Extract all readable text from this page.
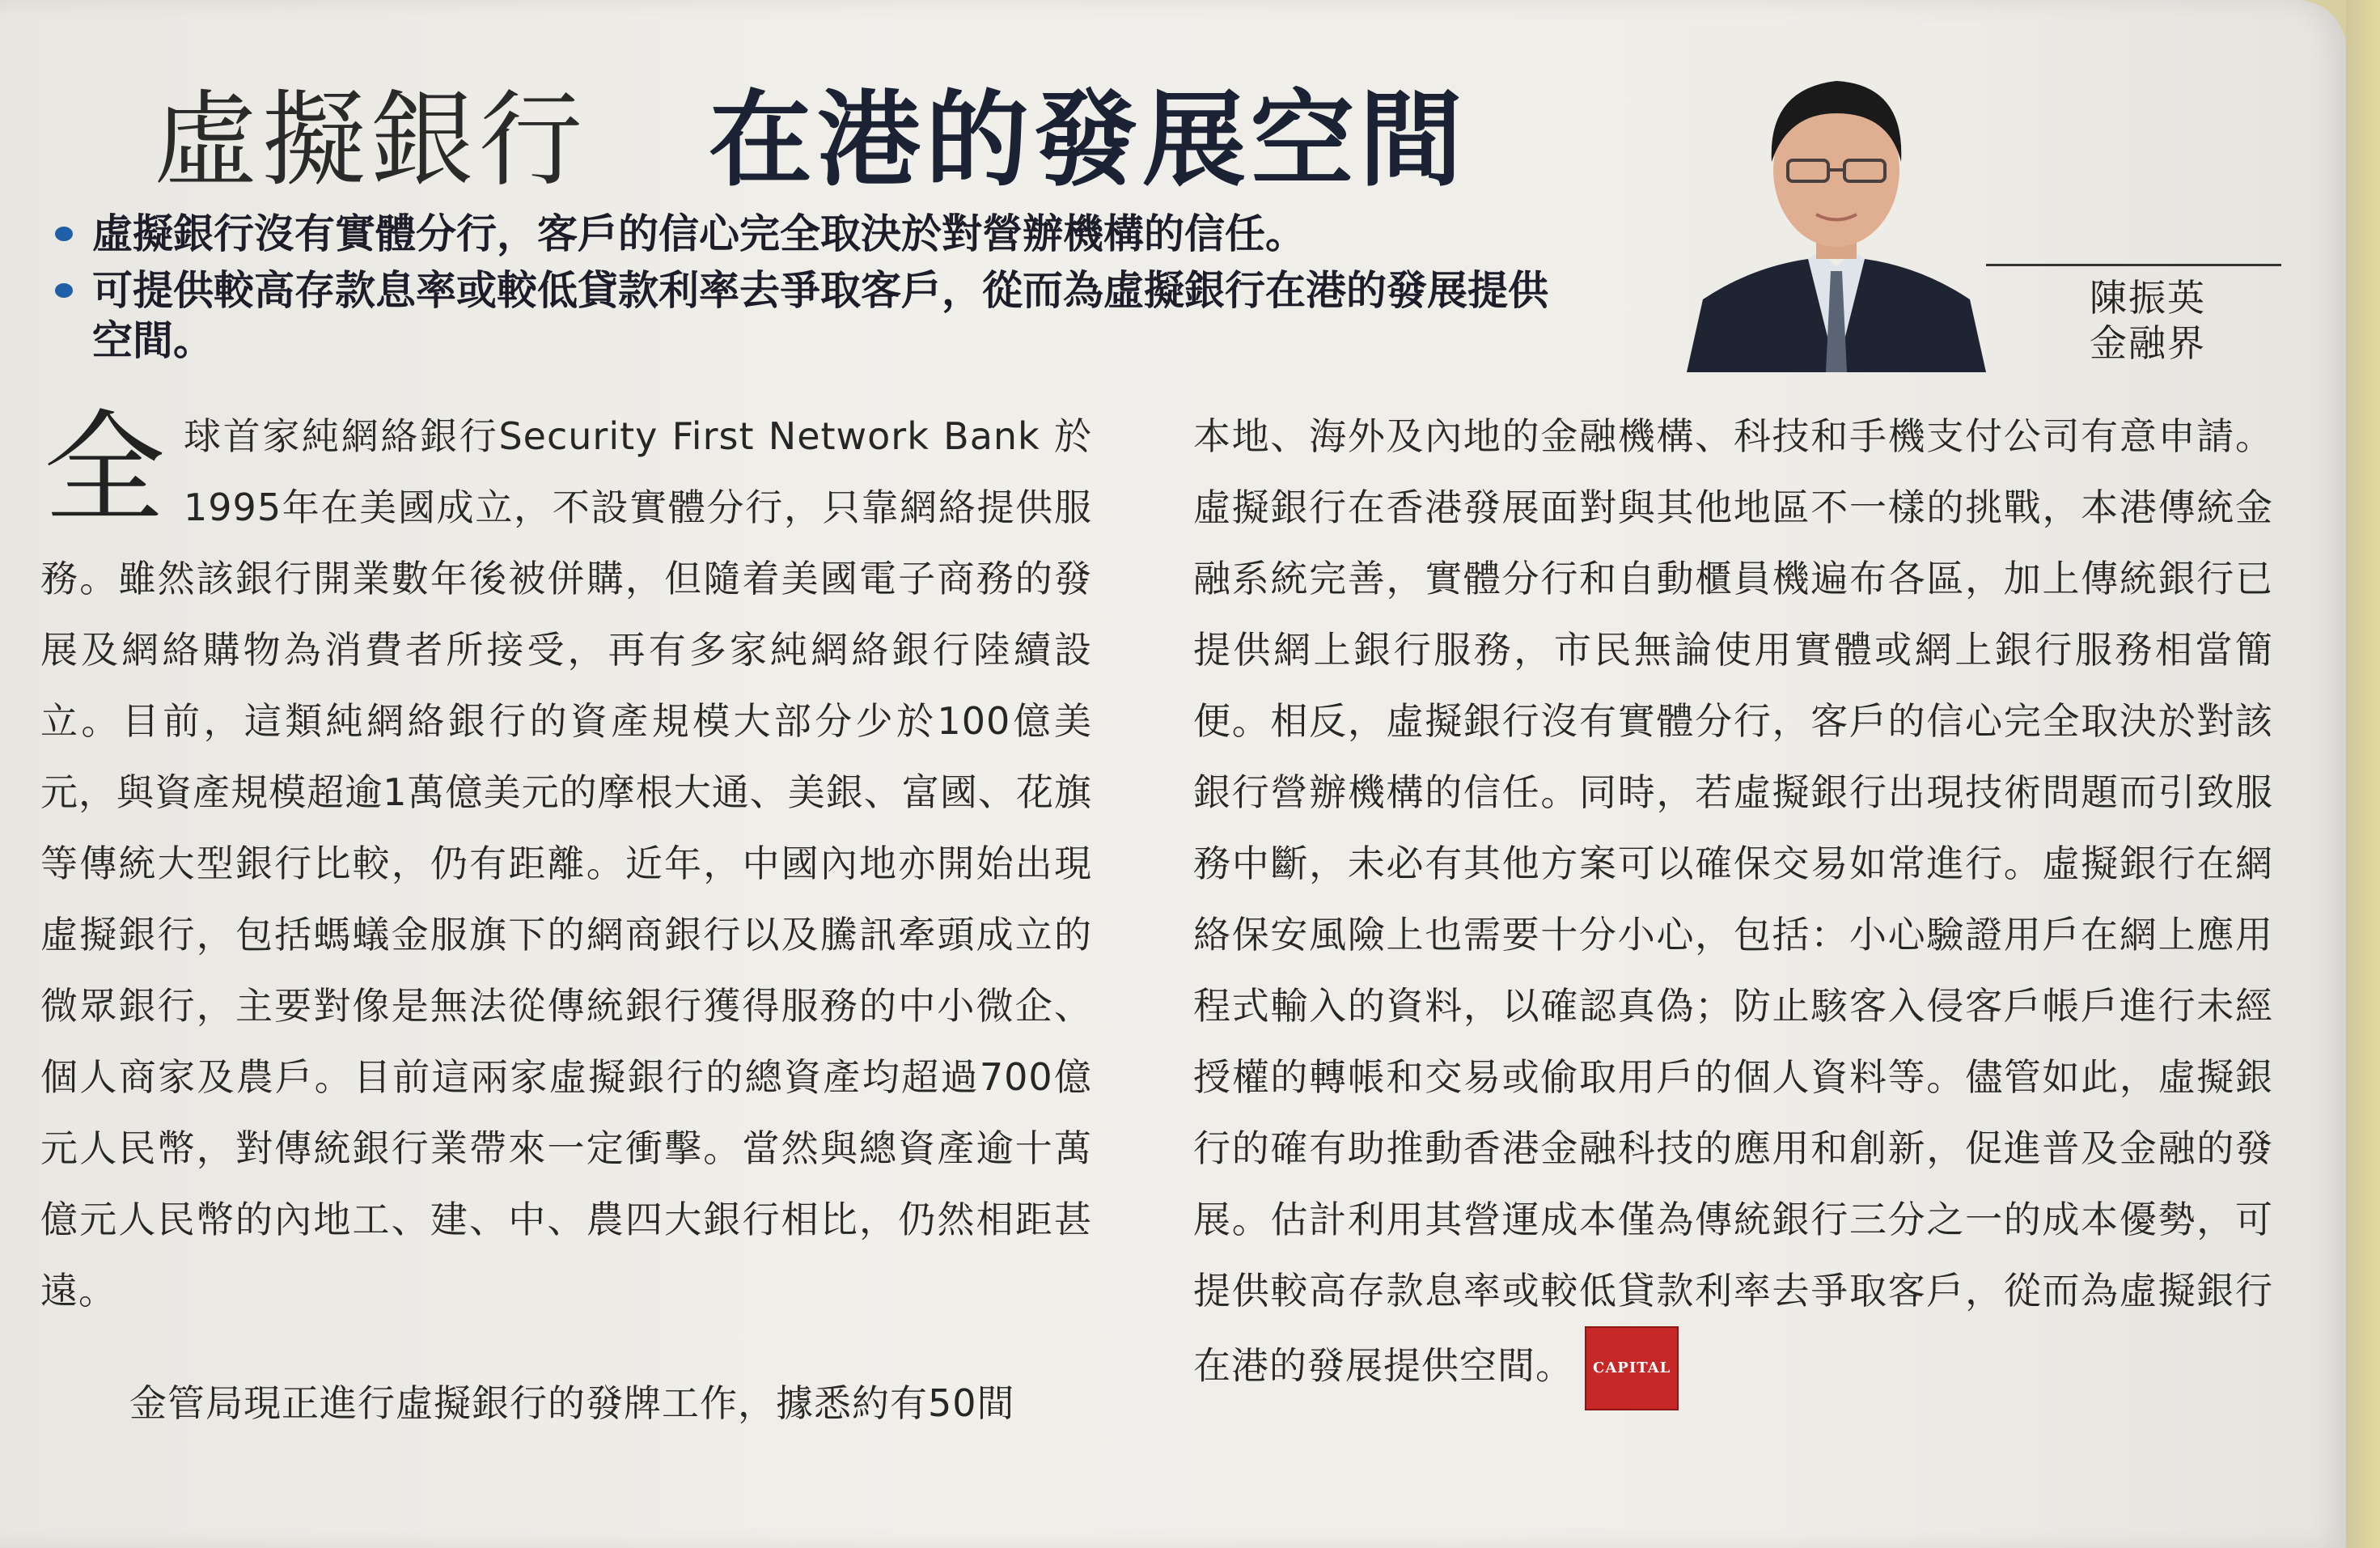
虛擬銀行 在港的發展空間
虛擬銀行沒有實體分行，客戶的信心完全取決於對營辦機構的信任。
可提供較高存款息率或較低貸款利率去爭取客戶，從而為虛擬銀行在港的發展提供空間。
陳振英
金融界
全球首家純網絡銀行Security First Network Bank 於1995年在美國成立，不設實體分行，只靠網絡提供服務。雖然該銀行開業數年後被併購，但隨着美國電子商務的發展及網絡購物為消費者所接受，再有多家純網絡銀行陸續設立。目前，這類純網絡銀行的資產規模大部分少於100億美元，與資產規模超逾1萬億美元的摩根大通、美銀、富國、花旗等傳統大型銀行比較，仍有距離。近年，中國內地亦開始出現虛擬銀行，包括螞蟻金服旗下的網商銀行以及騰訊牽頭成立的微眾銀行，主要對像是無法從傳統銀行獲得服務的中小微企、個人商家及農戶。目前這兩家虛擬銀行的總資產均超過700億元人民幣，對傳統銀行業帶來一定衝擊。當然與總資產逾十萬億元人民幣的內地工、建、中、農四大銀行相比，仍然相距甚遠。
金管局現正進行虛擬銀行的發牌工作，據悉約有50間
本地、海外及內地的金融機構、科技和手機支付公司有意申請。虛擬銀行在香港發展面對與其他地區不一樣的挑戰，本港傳統金融系統完善，實體分行和自動櫃員機遍布各區，加上傳統銀行已提供網上銀行服務，市民無論使用實體或網上銀行服務相當簡便。相反，虛擬銀行沒有實體分行，客戶的信心完全取決於對該銀行營辦機構的信任。同時，若虛擬銀行出現技術問題而引致服務中斷，未必有其他方案可以確保交易如常進行。虛擬銀行在網絡保安風險上也需要十分小心，包括：小心驗證用戶在網上應用程式輸入的資料，以確認真偽；防止駭客入侵客戶帳戶進行未經授權的轉帳和交易或偷取用戶的個人資料等。儘管如此，虛擬銀行的確有助推動香港金融科技的應用和創新，促進普及金融的發展。估計利用其營運成本僅為傳統銀行三分之一的成本優勢，可提供較高存款息率或較低貸款利率去爭取客戶，從而為虛擬銀行在港的發展提供空間。 CAPITAL
